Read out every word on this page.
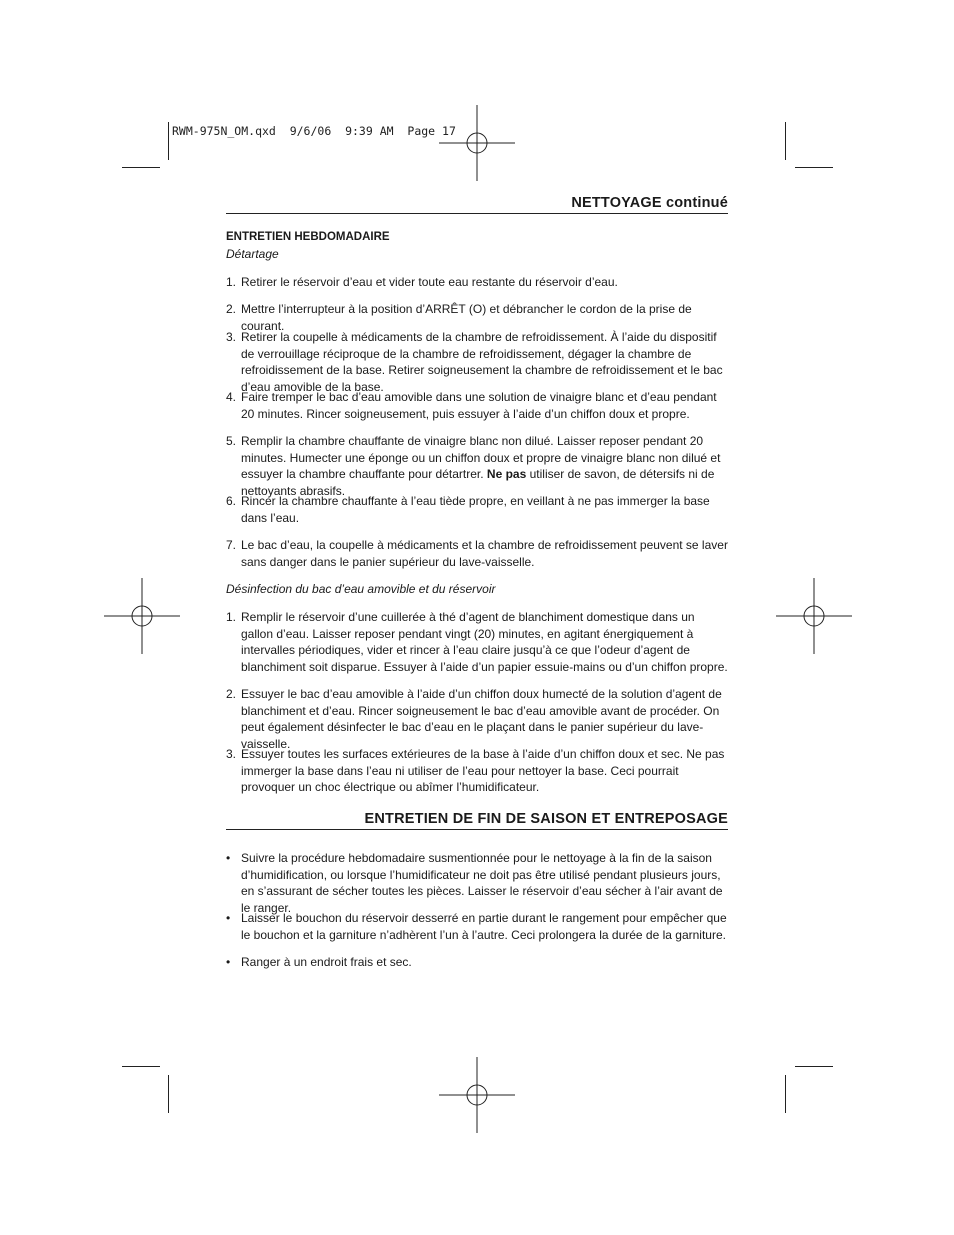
RWM-975N_OM.qxd  9/6/06  9:39 AM  Page 17
NETTOYAGE continué
ENTRETIEN HEBDOMADAIRE
Détartage
1. Retirer le réservoir d’eau et vider toute eau restante du réservoir d’eau.
2. Mettre l’interrupteur à la position d’ARRÊT (O) et débrancher le cordon de la prise de courant.
3. Retirer la coupelle à médicaments de la chambre de refroidissement. À l’aide du dispositif de verrouillage réciproque de la chambre de refroidissement, dégager la chambre de refroidissement de la base. Retirer soigneusement la chambre de refroidissement et le bac d’eau amovible de la base.
4. Faire tremper le bac d’eau amovible dans une solution de vinaigre blanc et d’eau pendant 20 minutes. Rincer soigneusement, puis essuyer à l’aide d’un chiffon doux et propre.
5. Remplir la chambre chauffante de vinaigre blanc non dilué. Laisser reposer pendant 20 minutes. Humecter une éponge ou un chiffon doux et propre de vinaigre blanc non dilué et essuyer la chambre chauffante pour détartrer. Ne pas utiliser de savon, de détersifs ni de nettoyants abrasifs.
6. Rincer la chambre chauffante à l’eau tiède propre, en veillant à ne pas immerger la base dans l’eau.
7. Le bac d’eau, la coupelle à médicaments et la chambre de refroidissement peuvent se laver sans danger dans le panier supérieur du lave-vaisselle.
Désinfection du bac d’eau amovible et du réservoir
1. Remplir le réservoir d’une cuillerée à thé d’agent de blanchiment domestique dans un gallon d’eau. Laisser reposer pendant vingt (20) minutes, en agitant énergiquement à intervalles périodiques, vider et rincer à l’eau claire jusqu’à ce que l’odeur d’agent de blanchiment soit disparue. Essuyer à l’aide d’un papier essuie-mains ou d’un chiffon propre.
2. Essuyer le bac d’eau amovible à l’aide d’un chiffon doux humecté de la solution d’agent de blanchiment et d’eau. Rincer soigneusement le bac d’eau amovible avant de procéder. On peut également désinfecter le bac d’eau en le plaçant dans le panier supérieur du lave-vaisselle.
3. Essuyer toutes les surfaces extérieures de la base à l’aide d’un chiffon doux et sec. Ne pas immerger la base dans l’eau ni utiliser de l’eau pour nettoyer la base. Ceci pourrait provoquer un choc électrique ou abîmer l’humidificateur.
ENTRETIEN DE FIN DE SAISON ET ENTREPOSAGE
• Suivre la procédure hebdomadaire susmentionnée pour le nettoyage à la fin de la saison d’humidification, ou lorsque l’humidificateur ne doit pas être utilisé pendant plusieurs jours, en s’assurant de sécher toutes les pièces. Laisser le réservoir d’eau sécher à l’air avant de le ranger.
• Laisser le bouchon du réservoir desserré en partie durant le rangement pour empêcher que le bouchon et la garniture n’adhèrent l’un à l’autre. Ceci prolongera la durée de la garniture.
• Ranger à un endroit frais et sec.
